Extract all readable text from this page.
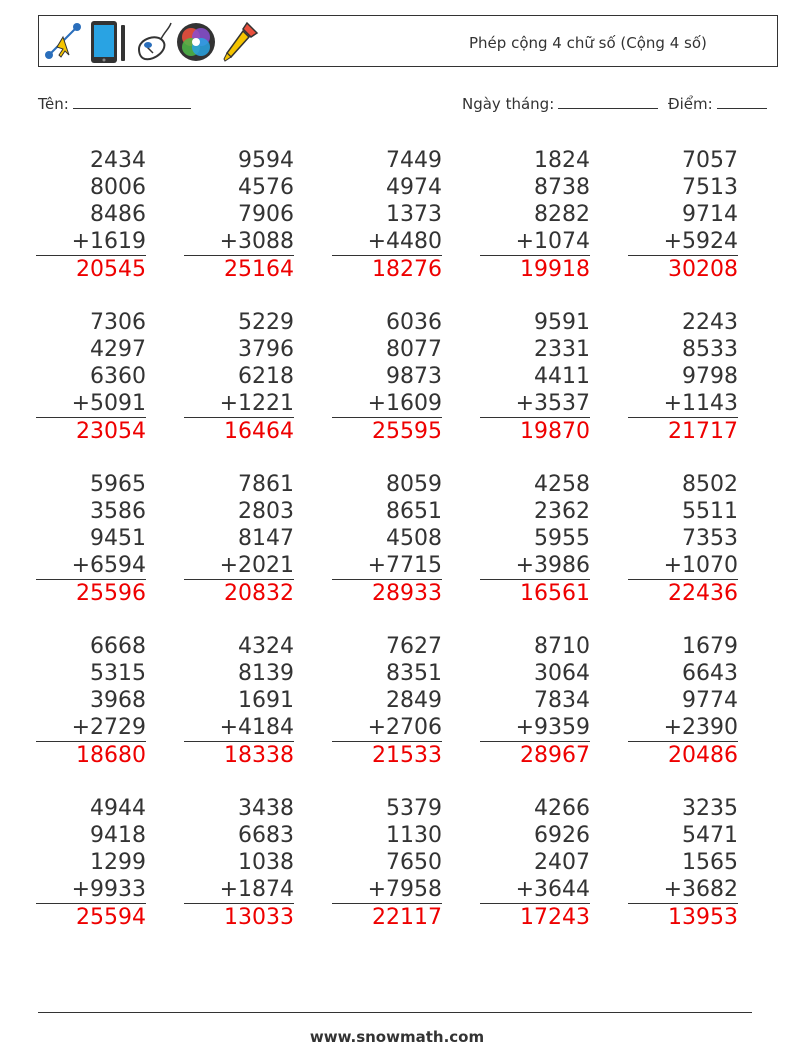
Phép cộng 4 chữ số (Cộng 4 số)
Tên:	Ngày tháng:	Điểm:
2434
8006
8486
+1619
20545
9594
4576
7906
+3088
25164
7449
4974
1373
+4480
18276
1824
8738
8282
+1074
19918
7057
7513
9714
+5924
30208
7306
4297
6360
+5091
23054
5229
3796
6218
+1221
16464
6036
8077
9873
+1609
25595
9591
2331
4411
+3537
19870
2243
8533
9798
+1143
21717
5965
3586
9451
+6594
25596
7861
2803
8147
+2021
20832
8059
8651
4508
+7715
28933
4258
2362
5955
+3986
16561
8502
5511
7353
+1070
22436
6668
5315
3968
+2729
18680
4324
8139
1691
+4184
18338
7627
8351
2849
+2706
21533
8710
3064
7834
+9359
28967
1679
6643
9774
+2390
20486
4944
9418
1299
+9933
25594
3438
6683
1038
+1874
13033
5379
1130
7650
+7958
22117
4266
6926
2407
+3644
17243
3235
5471
1565
+3682
13953
www.snowmath.com
